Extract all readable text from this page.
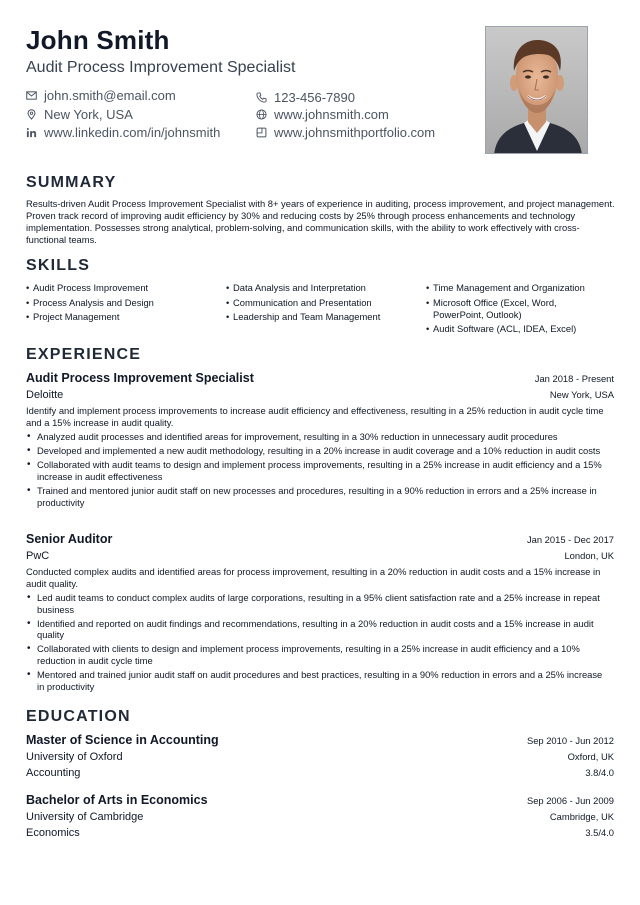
John Smith
Audit Process Improvement Specialist
john.smith@email.com	123-456-7890
New York, USA	www.johnsmith.com
www.linkedin.com/in/johnsmith	www.johnsmithportfolio.com
SUMMARY
Results-driven Audit Process Improvement Specialist with 8+ years of experience in auditing, process improvement, and project management. Proven track record of improving audit efficiency by 30% and reducing costs by 25% through process enhancements and technology implementation. Possesses strong analytical, problem-solving, and communication skills, with the ability to work effectively with cross-functional teams.
SKILLS
• Audit Process Improvement
• Process Analysis and Design
• Project Management
• Data Analysis and Interpretation
• Communication and Presentation
• Leadership and Team Management
• Time Management and Organization
• Microsoft Office (Excel, Word, PowerPoint, Outlook)
• Audit Software (ACL, IDEA, Excel)
EXPERIENCE
Audit Process Improvement Specialist	Jan 2018 - Present
Deloitte	New York, USA
Identify and implement process improvements to increase audit efficiency and effectiveness, resulting in a 25% reduction in audit cycle time and a 15% increase in audit quality.
• Analyzed audit processes and identified areas for improvement, resulting in a 30% reduction in unnecessary audit procedures
• Developed and implemented a new audit methodology, resulting in a 20% increase in audit coverage and a 10% reduction in audit costs
• Collaborated with audit teams to design and implement process improvements, resulting in a 25% increase in audit efficiency and a 15% increase in audit effectiveness
• Trained and mentored junior audit staff on new processes and procedures, resulting in a 90% reduction in errors and a 25% increase in productivity
Senior Auditor	Jan 2015 - Dec 2017
PwC	London, UK
Conducted complex audits and identified areas for process improvement, resulting in a 20% reduction in audit costs and a 15% increase in audit quality.
• Led audit teams to conduct complex audits of large corporations, resulting in a 95% client satisfaction rate and a 25% increase in repeat business
• Identified and reported on audit findings and recommendations, resulting in a 20% reduction in audit costs and a 15% increase in audit quality
• Collaborated with clients to design and implement process improvements, resulting in a 25% increase in audit efficiency and a 10% reduction in audit cycle time
• Mentored and trained junior audit staff on audit procedures and best practices, resulting in a 90% reduction in errors and a 25% increase in productivity
EDUCATION
Master of Science in Accounting	Sep 2010 - Jun 2012
University of Oxford	Oxford, UK
Accounting	3.8/4.0
Bachelor of Arts in Economics	Sep 2006 - Jun 2009
University of Cambridge	Cambridge, UK
Economics	3.5/4.0
